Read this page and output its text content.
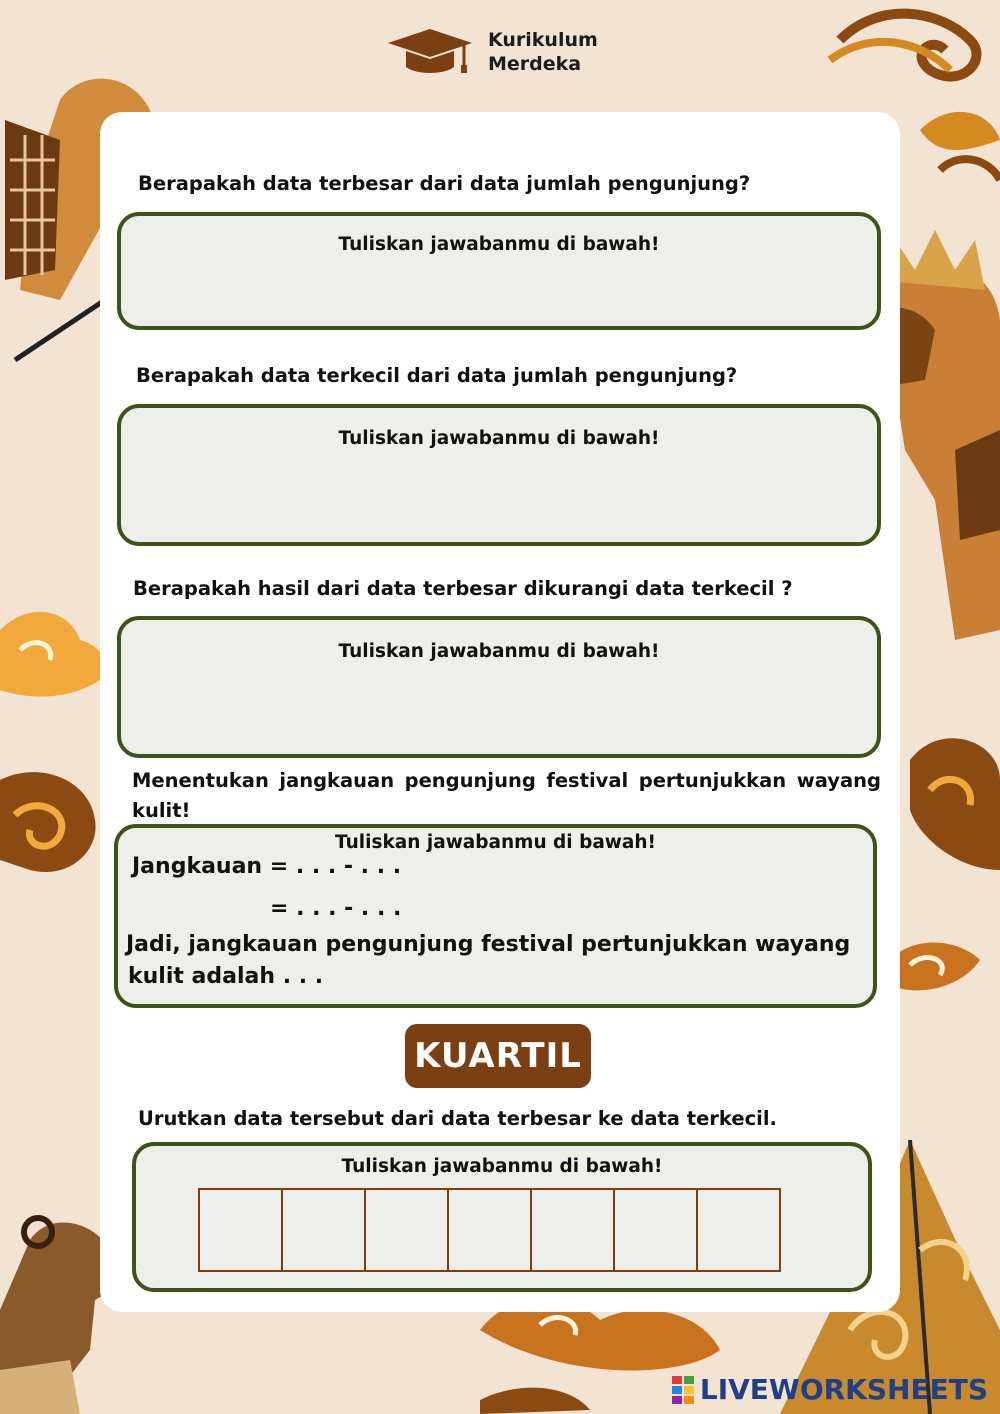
Kurikulum
Merdeka

Berapakah data terbesar dari data jumlah pengunjung?

Tuliskan jawabanmu di bawah!

Berapakah data terkecil dari data jumlah pengunjung?

Tuliskan jawabanmu di bawah!

Berapakah hasil dari data terbesar dikurangi data terkecil ?

Tuliskan jawabanmu di bawah!

Menentukan jangkauan pengunjung festival pertunjukkan wayang kulit!

Tuliskan jawabanmu di bawah!
Jangkauan = . . . - . . .
= . . . - . . .
Jadi, jangkauan pengunjung festival pertunjukkan wayang
kulit adalah . . .
KUARTIL

Urutkan data tersebut dari data terbesar ke data terkecil.

Tuliskan jawabanmu di bawah!
LIVEWORKSHEETS
